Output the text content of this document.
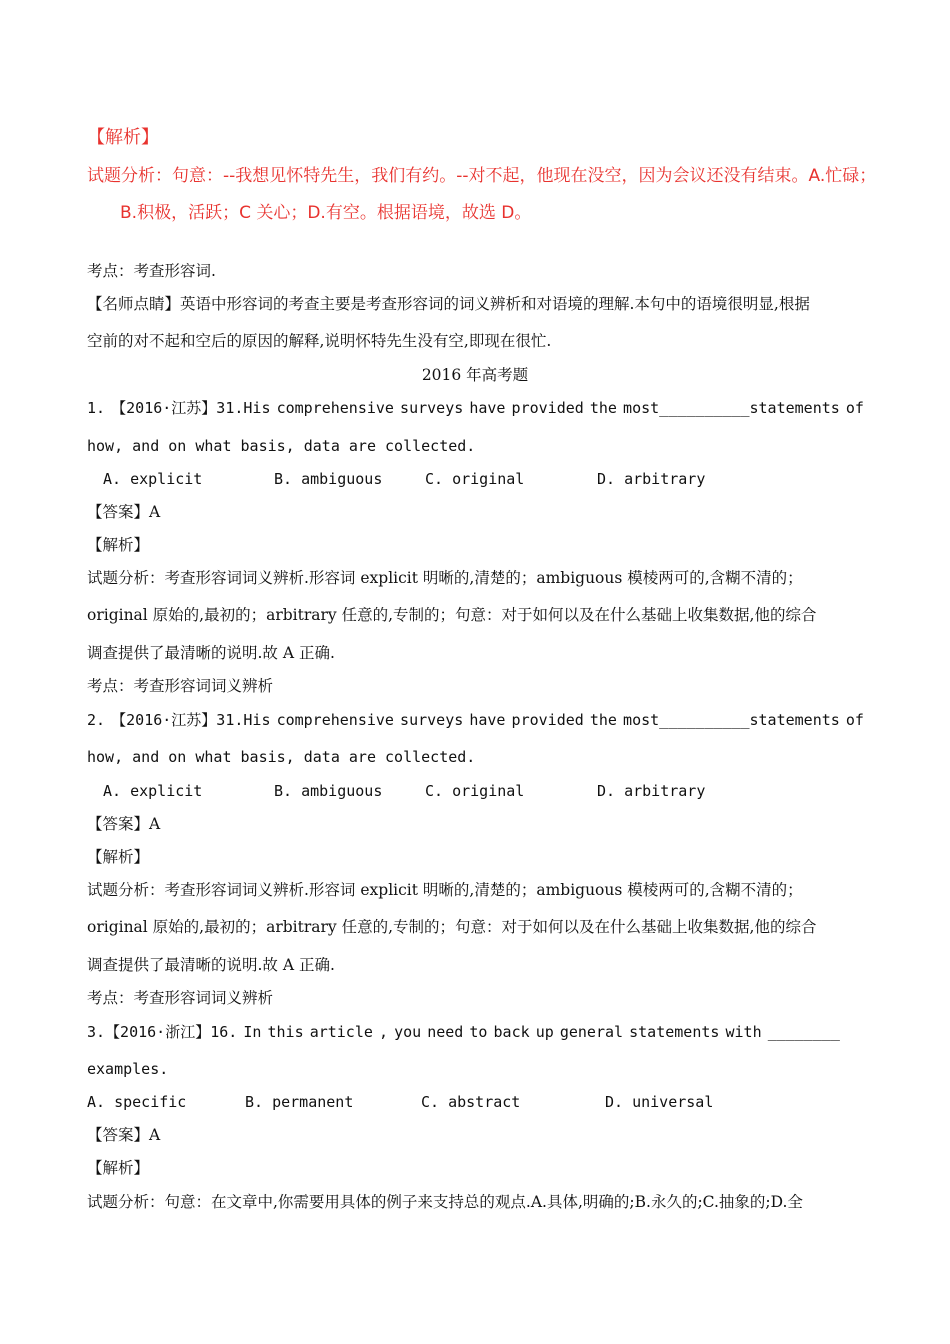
【解析】
试题分析：句意：--我想见怀特先生，我们有约。--对不起，他现在没空，因为会议还没有结束。A.忙碌；
B.积极，活跃；C 关心；D.有空。根据语境，故选 D。
考点：考查形容词.
【名师点睛】英语中形容词的考查主要是考查形容词的词义辨析和对语境的理解.本句中的语境很明显,根据
空前的对不起和空后的原因的解释,说明怀特先生没有空,即现在很忙.
2016 年高考题
1. 【2016·江苏】31.His comprehensive surveys have provided the most__________statements of
how, and on what basis, data are collected.
A. explicit	B. ambiguous	C. original	D. arbitrary
【答案】A
【解析】
试题分析：考查形容词词义辨析.形容词 explicit 明晰的,清楚的；ambiguous 模棱两可的,含糊不清的；
original 原始的,最初的；arbitrary 任意的,专制的；句意：对于如何以及在什么基础上收集数据,他的综合
调查提供了最清晰的说明.故 A 正确.
考点：考查形容词词义辨析
2. 【2016·江苏】31.His comprehensive surveys have provided the most__________statements of
how, and on what basis, data are collected.
A. explicit	B. ambiguous	C. original	D. arbitrary
【答案】A
【解析】
试题分析：考查形容词词义辨析.形容词 explicit 明晰的,清楚的；ambiguous 模棱两可的,含糊不清的；
original 原始的,最初的；arbitrary 任意的,专制的；句意：对于如何以及在什么基础上收集数据,他的综合
调查提供了最清晰的说明.故 A 正确.
考点：考查形容词词义辨析
3.【2016·浙江】16. In this article , you need to back up general statements with ________
examples.
A. specific	B. permanent	C. abstract	D. universal
【答案】A
【解析】
试题分析：句意：在文章中,你需要用具体的例子来支持总的观点.A.具体,明确的;B.永久的;C.抽象的;D.全
